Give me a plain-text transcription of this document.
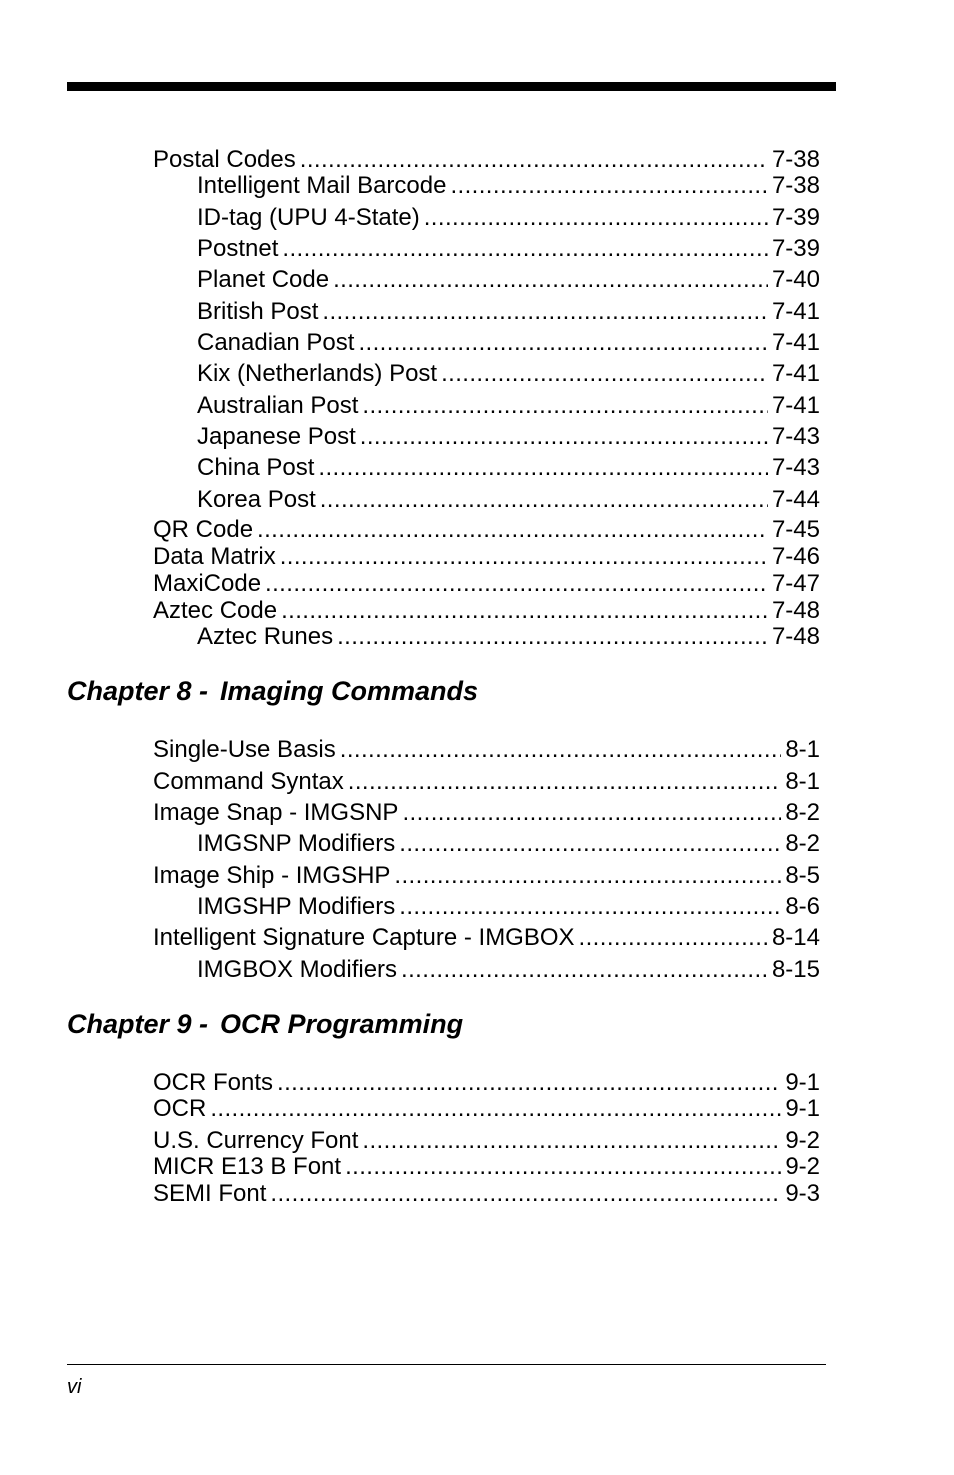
Chapter 8 - Imaging Commands
Chapter 9 - OCR Programming
vi
Postal Codes .....	7-38
Intelligent Mail Barcode .....	7-38
ID-tag (UPU 4-State) .....	7-39
Postnet .....	7-39
Planet Code .....	7-40
British Post .....	7-41
Canadian Post .....	7-41
Kix (Netherlands) Post .....	7-41
Australian Post .....	7-41
Japanese Post .....	7-43
China Post .....	7-43
Korea Post .....	7-44
QR Code .....	7-45
Data Matrix .....	7-46
MaxiCode .....	7-47
Aztec Code .....	7-48
Aztec Runes .....	7-48
Single-Use Basis .....	8-1
Command Syntax .....	8-1
Image Snap - IMGSNP .....	8-2
IMGSNP Modifiers .....	8-2
Image Ship - IMGSHP .....	8-5
IMGSHP Modifiers .....	8-6
Intelligent Signature Capture - IMGBOX .....	8-14
IMGBOX Modifiers .....	8-15
OCR Fonts .....	9-1
OCR .....	9-1
U.S. Currency Font .....	9-2
MICR E13 B Font .....	9-2
SEMI Font .....	9-3
